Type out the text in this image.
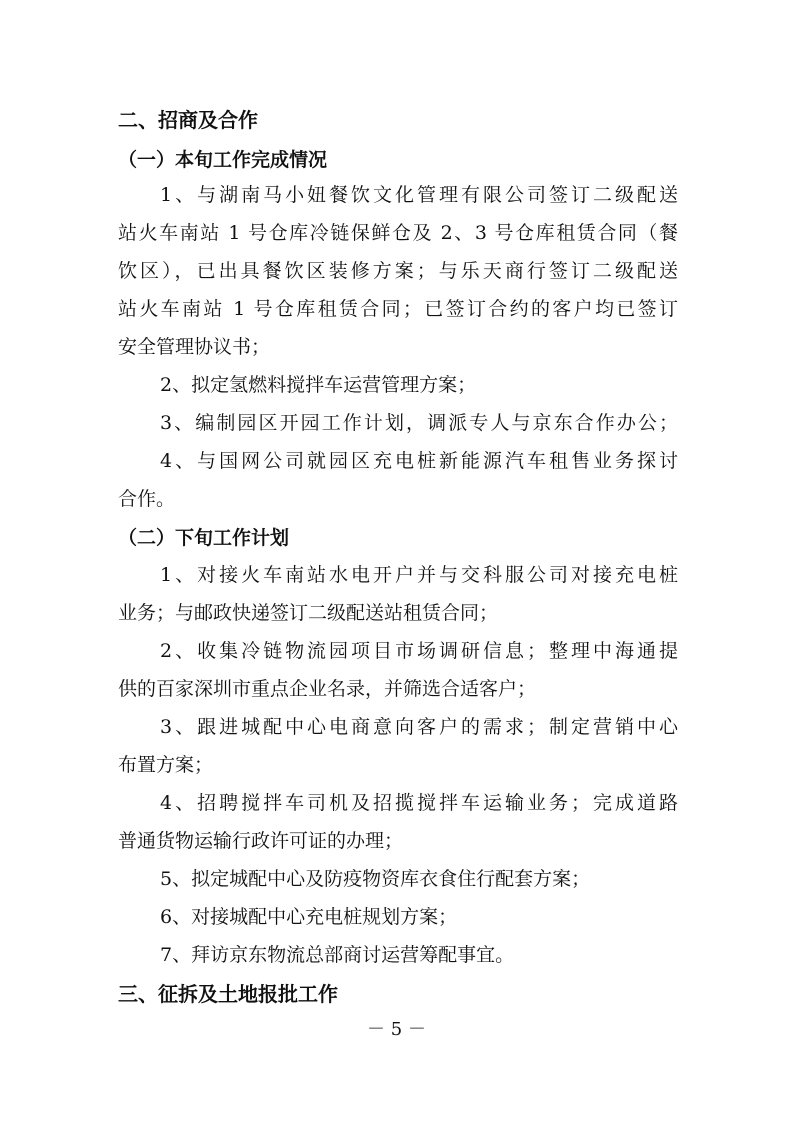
二、招商及合作
（一）本旬工作完成情况
1、与湖南马小妞餐饮文化管理有限公司签订二级配送
站火车南站 1 号仓库冷链保鲜仓及 2、3 号仓库租赁合同（餐
饮区），已出具餐饮区装修方案；与乐天商行签订二级配送
站火车南站 1 号仓库租赁合同；已签订合约的客户均已签订
安全管理协议书；
2、拟定氢燃料搅拌车运营管理方案；
3、编制园区开园工作计划，调派专人与京东合作办公；
4、与国网公司就园区充电桩新能源汽车租售业务探讨
合作。
（二）下旬工作计划
1、对接火车南站水电开户并与交科服公司对接充电桩
业务；与邮政快递签订二级配送站租赁合同；
2、收集冷链物流园项目市场调研信息；整理中海通提
供的百家深圳市重点企业名录，并筛选合适客户；
3、跟进城配中心电商意向客户的需求；制定营销中心
布置方案；
4、招聘搅拌车司机及招揽搅拌车运输业务；完成道路
普通货物运输行政许可证的办理；
5、拟定城配中心及防疫物资库衣食住行配套方案；
6、对接城配中心充电桩规划方案；
7、拜访京东物流总部商讨运营筹配事宜。
三、征拆及土地报批工作
－ 5 －
